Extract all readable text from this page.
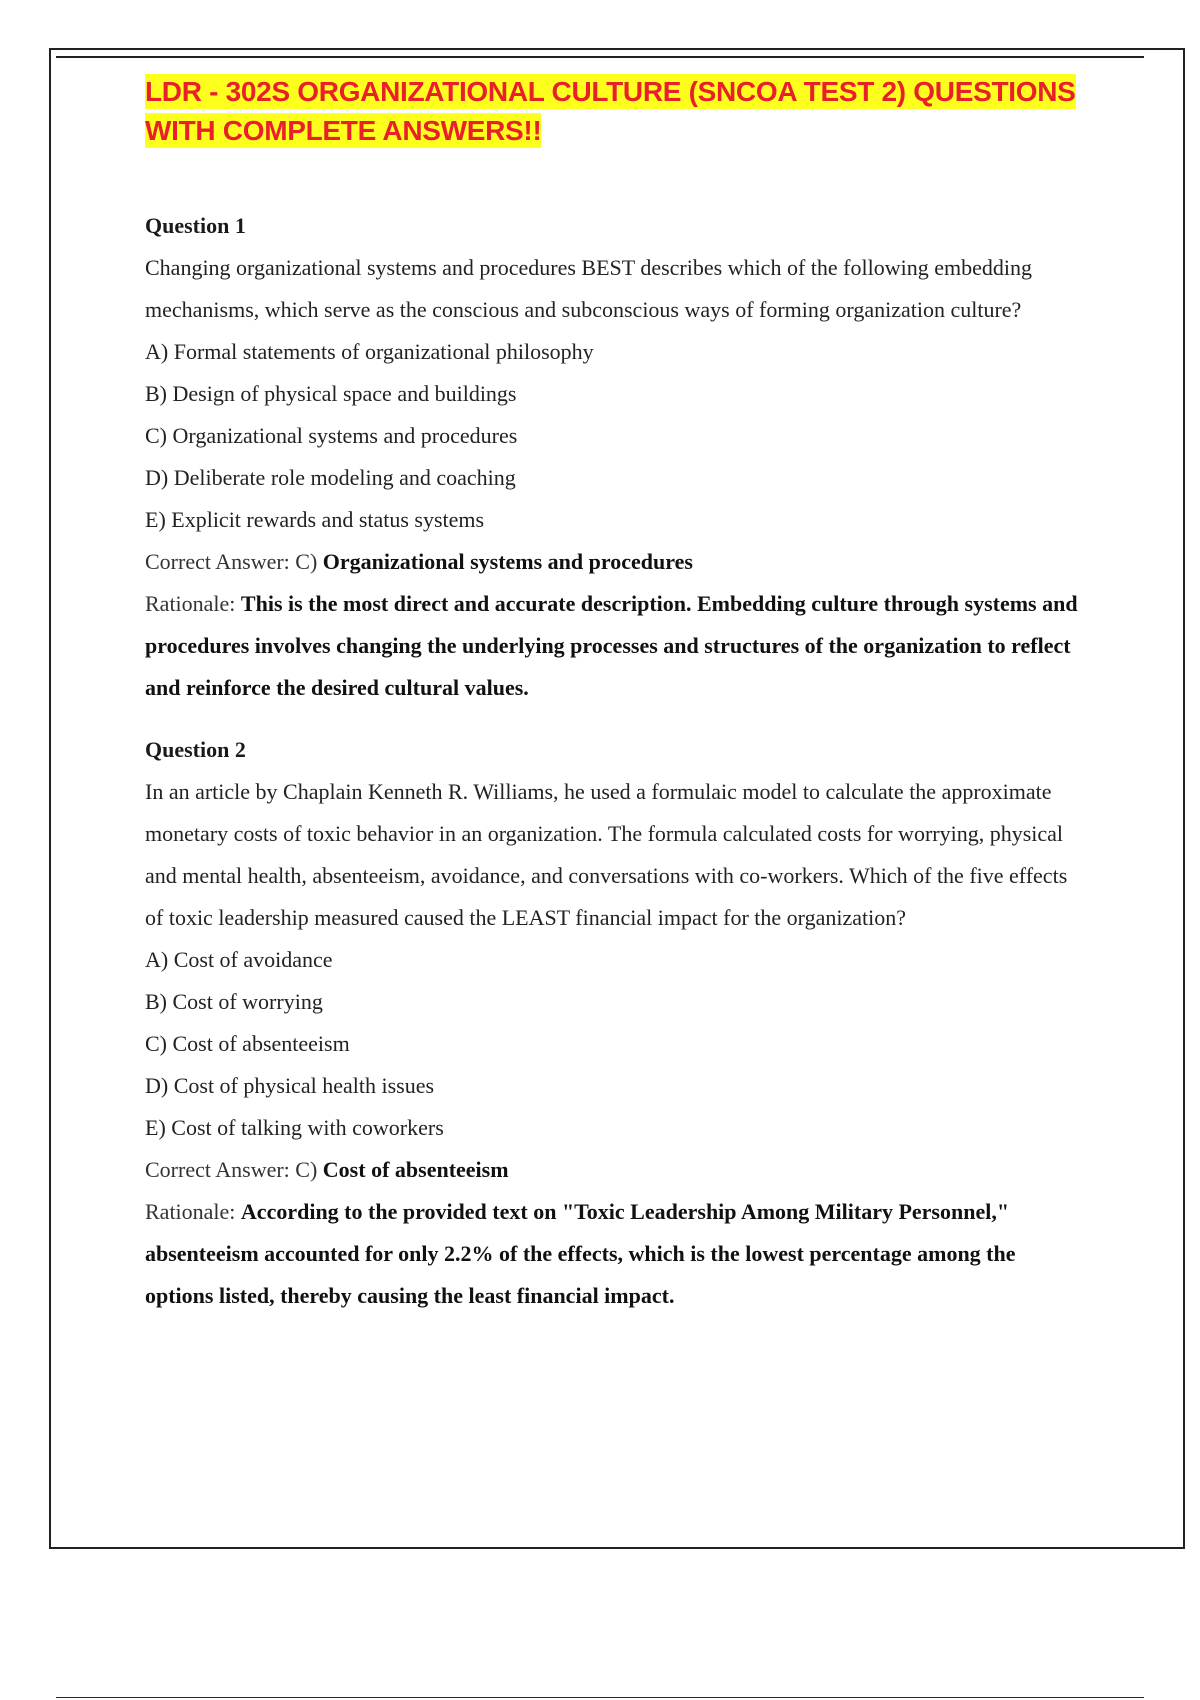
LDR - 302S ORGANIZATIONAL CULTURE (SNCOA TEST 2) QUESTIONS WITH COMPLETE ANSWERS!!

Question 1

Changing organizational systems and procedures BEST describes which of the following embedding mechanisms, which serve as the conscious and subconscious ways of forming organization culture?

A) Formal statements of organizational philosophy

B) Design of physical space and buildings

C) Organizational systems and procedures

D) Deliberate role modeling and coaching

E) Explicit rewards and status systems

Correct Answer: C) Organizational systems and procedures

Rationale: This is the most direct and accurate description. Embedding culture through systems and procedures involves changing the underlying processes and structures of the organization to reflect and reinforce the desired cultural values.

Question 2

In an article by Chaplain Kenneth R. Williams, he used a formulaic model to calculate the approximate monetary costs of toxic behavior in an organization. The formula calculated costs for worrying, physical and mental health, absenteeism, avoidance, and conversations with co-workers. Which of the five effects of toxic leadership measured caused the LEAST financial impact for the organization?

A) Cost of avoidance

B) Cost of worrying

C) Cost of absenteeism

D) Cost of physical health issues

E) Cost of talking with coworkers

Correct Answer: C) Cost of absenteeism

Rationale: According to the provided text on "Toxic Leadership Among Military Personnel," absenteeism accounted for only 2.2% of the effects, which is the lowest percentage among the options listed, thereby causing the least financial impact.
